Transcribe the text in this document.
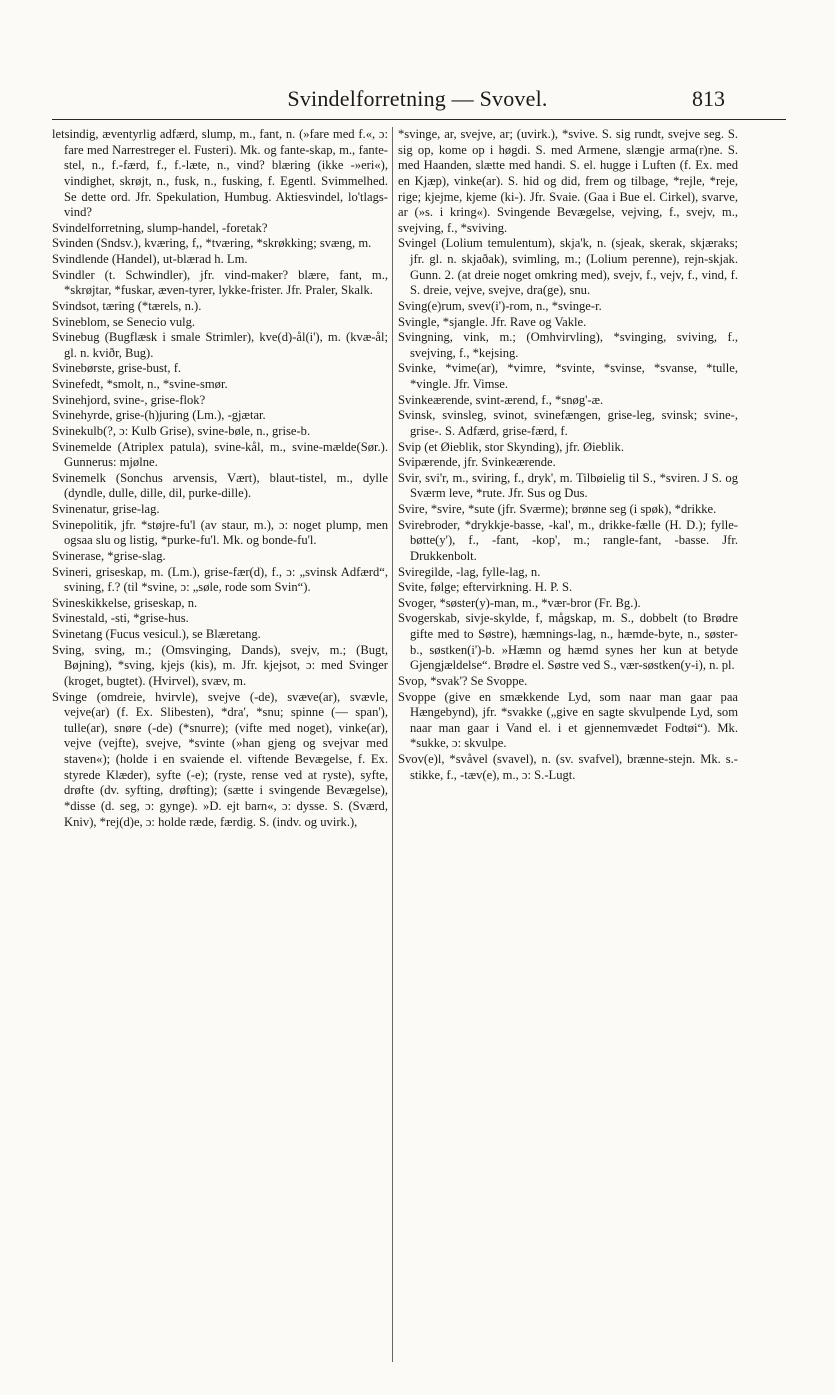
Svindelforretning — Svovel.	813

letsindig, æventyrlig adfærd, slump, m., fant, n. (»fare med f.«, ɔ: fare med Narrestreger el. Fusteri). Mk. og fante-skap, m., fante-stel, n., f.-færd, f., f.-læte, n., vind? blæring (ikke -»eri«), vindighet, skrøjt, n., fusk, n., fusking, f. Egentl. Svimmelhed. Se dette ord. Jfr. Spekulation, Humbug. Aktiesvindel, lo'tlags-vind?

Svindelforretning, slump-handel, -foretak?

Svinden (Sndsv.), kværing, f,, *tværing, *skrøkking; svæng, m.

Svindlende (Handel), ut-blærad h. Lm.

Svindler (t. Schwindler), jfr. vind-maker? blære, fant, m., *skrøjtar, *fuskar, æven-tyrer, lykke-frister. Jfr. Praler, Skalk.

Svindsot, tæring (*tærels, n.).

Svineblom, se Senecio vulg.

Svinebug (Bugflæsk i smale Strimler), kve(d)-ål(i'), m. (kvæ-ål; gl. n. kviðr, Bug).

Svinebørste, grise-bust, f.

Svinefedt, *smolt, n., *svine-smør.

Svinehjord, svine-, grise-flok?

Svinehyrde, grise-(h)juring (Lm.), -gjætar.

Svinekulb(?, ɔ: Kulb Grise), svine-bøle, n., grise-b.

Svinemelde (Atriplex patula), svine-kål, m., svine-mælde(Sør.). Gunnerus: mjølne.

Svinemelk (Sonchus arvensis, Vært), blaut-tistel, m., dylle (dyndle, dulle, dille, dil, purke-dille).

Svinenatur, grise-lag.

Svinepolitik, jfr. *støjre-fu'l (av staur, m.), ɔ: noget plump, men ogsaa slu og listig, *purke-fu'l. Mk. og bonde-fu'l.

Svinerase, *grise-slag.

Svineri, griseskap, m. (Lm.), grise-fær(d), f., ɔ: „svinsk Adfærd“, svining, f.? (til *svine, ɔ: „søle, rode som Svin“).

Svineskikkelse, griseskap, n.

Svinestald, -sti, *grise-hus.

Svinetang (Fucus vesicul.), se Blæretang.

Sving, sving, m.; (Omsvinging, Dands), svejv, m.; (Bugt, Bøjning), *sving, kjejs (kis), m. Jfr. kjejsot, ɔ: med Svinger (kroget, bugtet). (Hvirvel), svæv, m.

Svinge (omdreie, hvirvle), svejve (-de), svæve(ar), svævle, vejve(ar) (f. Ex. Slibesten), *dra', *snu; spinne (— span'), tulle(ar), snøre (-de) (*snurre); (vifte med noget), vinke(ar), vejve (vejfte), svejve, *svinte (»han gjeng og svejvar med staven«); (holde i en svaiende el. viftende Bevægelse, f. Ex. styrede Klæder), syfte (-e); (ryste, rense ved at ryste), syfte, drøfte (dv. syfting, drøfting); (sætte i svingende Bevægelse), *disse (d. seg, ɔ: gynge). »D. ejt barn«, ɔ: dysse. S. (Sværd, Kniv), *rej(d)e, ɔ: holde ræde, færdig. S. (indv. og uvirk.),

*svinge, ar, svejve, ar; (uvirk.), *svive. S. sig rundt, svejve seg. S. sig op, kome op i høgdi. S. med Armene, slængje arma(r)ne. S. med Haanden, slætte med handi. S. el. hugge i Luften (f. Ex. med en Kjæp), vinke(ar). S. hid og did, frem og tilbage, *rejle, *reje, rige; kjejme, kjeme (ki-). Jfr. Svaie. (Gaa i Bue el. Cirkel), svarve, ar (»s. i kring«). Svingende Bevægelse, vejving, f., svejv, m., svejving, f., *sviving.

Svingel (Lolium temulentum), skja'k, n. (sjeak, skerak, skjæraks; jfr. gl. n. skjaðak), svimling, m.; (Lolium perenne), rejn-skjak. Gunn. 2. (at dreie noget omkring med), svejv, f., vejv, f., vind, f. S. dreie, vejve, svejve, dra(ge), snu.

Sving(e)rum, svev(i')-rom, n., *svinge-r.

Svingle, *sjangle. Jfr. Rave og Vakle.

Svingning, vink, m.; (Omhvirvling), *svinging, sviving, f., svejving, f., *kejsing.

Svinke, *vime(ar), *vimre, *svinte, *svinse, *svanse, *tulle, *vingle. Jfr. Vimse.

Svinkeærende, svint-ærend, f., *snøg'-æ.

Svinsk, svinsleg, svinot, svinefængen, grise-leg, svinsk; svine-, grise-. S. Adfærd, grise-færd, f.

Svip (et Øieblik, stor Skynding), jfr. Øieblik.

Svipærende, jfr. Svinkeærende.

Svir, svi'r, m., sviring, f., dryk', m. Tilbøielig til S., *sviren. J S. og Sværm leve, *rute. Jfr. Sus og Dus.

Svire, *svire, *sute (jfr. Sværme); brønne seg (i spøk), *drikke.

Svirebroder, *drykkje-basse, -kal', m., drikke-fælle (H. D.); fylle-bøtte(y'), f., -fant, -kop', m.; rangle-fant, -basse. Jfr. Drukkenbolt.

Sviregilde, -lag, fylle-lag, n.

Svite, følge; eftervirkning. H. P. S.

Svoger, *søster(y)-man, m., *vær-bror (Fr. Bg.).

Svogerskab, sivje-skylde, f, mågskap, m. S., dobbelt (to Brødre gifte med to Søstre), hæmnings-lag, n., hæmde-byte, n., søster-b., søstken(i')-b. »Hæmn og hæmd synes her kun at betyde Gjengjældelse“. Brødre el. Søstre ved S., vær-søstken(y-i), n. pl.

Svop, *svak'? Se Svoppe.

Svoppe (give en smækkende Lyd, som naar man gaar paa Hængebynd), jfr. *svakke („give en sagte skvulpende Lyd, som naar man gaar i Vand el. i et gjennemvædet Fodtøi“). Mk. *sukke, ɔ: skvulpe.

Svov(e)l, *svåvel (svavel), n. (sv. svafvel), brænne-stejn. Mk. s.-stikke, f., -tæv(e), m., ɔ: S.-Lugt.
